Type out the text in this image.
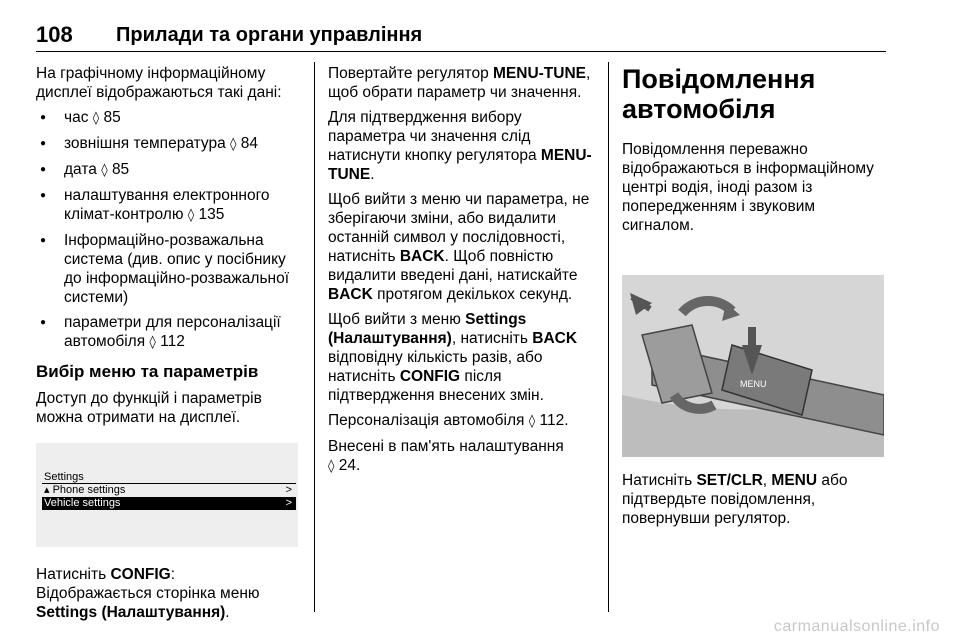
108 Прилади та органи управління

На графічному інформаційному дисплеї відображаються такі дані:

● час ◊ 85
● зовнішня температура ◊ 84
● дата ◊ 85
● налаштування електронного клімат-контролю ◊ 135
● Інформаційно-розважальна система (див. опис у посібнику до інформаційно-розважальної системи)
● параметри для персоналізації автомобіля ◊ 112
Вибір меню та параметрів

Доступ до функцій і параметрів можна отримати на дисплеї.

Settings
▴ Phone settings	>
Vehicle settings	>

Натисніть CONFIG:
Відображається сторінка меню Settings (Налаштування).

Повертайте регулятор MENU-TUNE, щоб обрати параметр чи значення.

Для підтвердження вибору параметра чи значення слід натиснути кнопку регулятора MENU-TUNE.

Щоб вийти з меню чи параметра, не зберігаючи зміни, або видалити останній символ у послідовності, натисніть BACK. Щоб повністю видалити введені дані, натискайте BACK протягом декількох секунд.

Щоб вийти з меню Settings (Налаштування), натисніть BACK відповідну кількість разів, або натисніть CONFIG після підтвердження внесених змін.

Персоналізація автомобіля ◊ 112.

Внесені в пам'ять налаштування
◊ 24.

Повідомлення автомобіля

Повідомлення переважно відображаються в інформаційному центрі водія, іноді разом із попередженням і звуковим сигналом.

MENU

Натисніть SET/CLR, MENU або підтвердьте повідомлення, повернувши регулятор.

carmanualsonline.info
